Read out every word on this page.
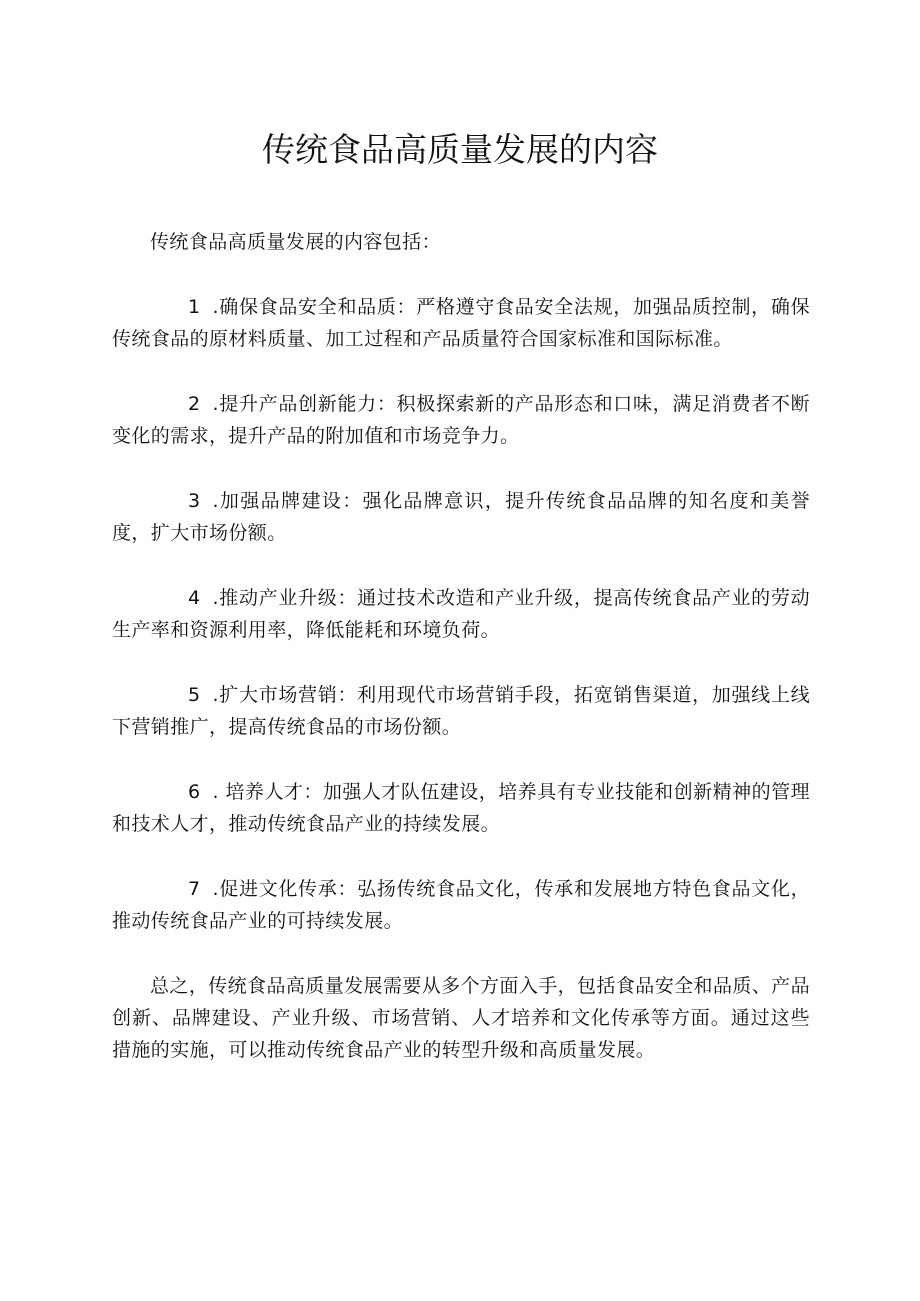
传统食品高质量发展的内容

传统食品高质量发展的内容包括：

1 .确保食品安全和品质：严格遵守食品安全法规，加强品质控制，确保传统食品的原材料质量、加工过程和产品质量符合国家标准和国际标准。

2 .提升产品创新能力：积极探索新的产品形态和口味，满足消费者不断变化的需求，提升产品的附加值和市场竞争力。

3 .加强品牌建设：强化品牌意识，提升传统食品品牌的知名度和美誉度，扩大市场份额。

4 .推动产业升级：通过技术改造和产业升级，提高传统食品产业的劳动生产率和资源利用率，降低能耗和环境负荷。

5 .扩大市场营销：利用现代市场营销手段，拓宽销售渠道，加强线上线下营销推广，提高传统食品的市场份额。

6 . 培养人才：加强人才队伍建设，培养具有专业技能和创新精神的管理和技术人才，推动传统食品产业的持续发展。

7 .促进文化传承：弘扬传统食品文化，传承和发展地方特色食品文化，推动传统食品产业的可持续发展。

总之，传统食品高质量发展需要从多个方面入手，包括食品安全和品质、产品创新、品牌建设、产业升级、市场营销、人才培养和文化传承等方面。通过这些措施的实施，可以推动传统食品产业的转型升级和高质量发展。
